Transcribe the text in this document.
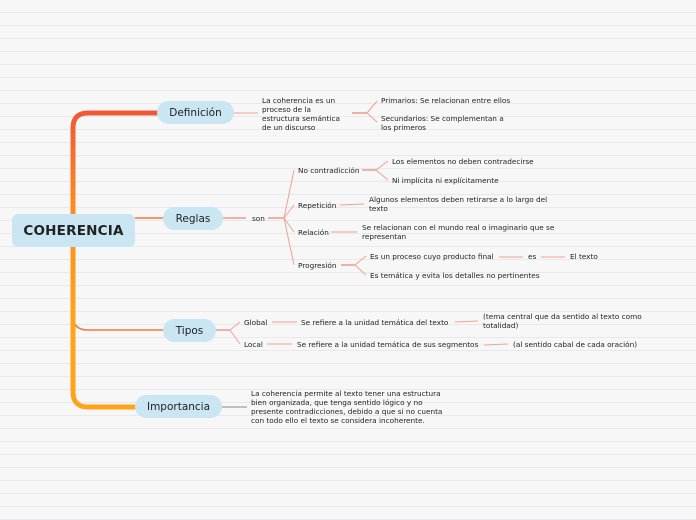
COHERENCIA
Definición
Reglas
Tipos
Importancia
La coherencia es un proceso de la estructura semántica de un discurso
Primarios: Se relacionan entre ellos
Secundarios: Se complementan a los primeros
son
No contradicción
Los elementos no deben contradecirse
Ni implícita ni explícitamente
Repetición
Algunos elementos deben retirarse a lo largo del texto
Relación
Se relacionan con el mundo real o imaginario que se representan
Progresión
Es un proceso cuyo producto final	es	El texto
Es temática y evita los detalles no pertinentes
Global	Se refiere a la unidad temática del texto
(tema central que da sentido al texto como totalidad)
Local	Se refiere a la unidad temática de sus segmentos	(al sentido cabal de cada oración)
La coherencia permite al texto tener una estructura bien organizada, que tenga sentido lógico y no presente contradicciones, debido a que si no cuenta con todo ello el texto se considera incoherente.
